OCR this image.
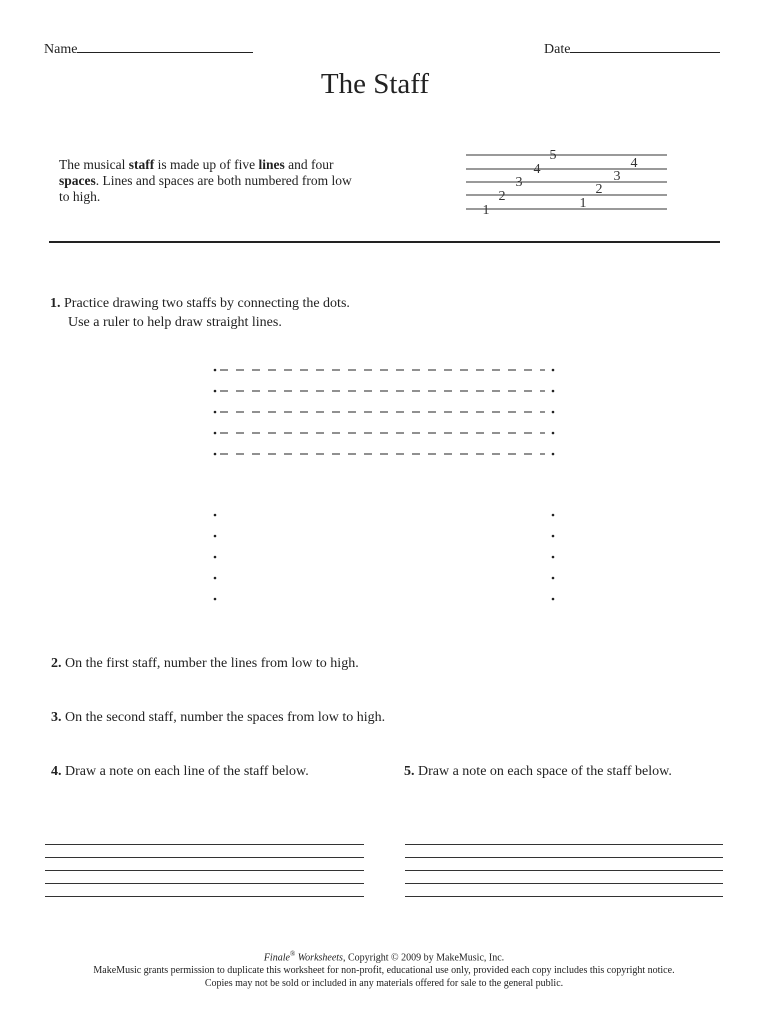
Name	Date
The Staff
The musical staff is made up of five lines and four spaces. Lines and spaces are both numbered from low to high.
1
2
3
4
5
1
2
3
4
1. Practice drawing two staffs by connecting the dots.
Use a ruler to help draw straight lines.
2. On the first staff, number the lines from low to high.
3. On the second staff, number the spaces from low to high.
4. Draw a note on each line of the staff below.	5. Draw a note on each space of the staff below.
Finale® Worksheets, Copyright © 2009 by MakeMusic, Inc.
MakeMusic grants permission to duplicate this worksheet for non-profit, educational use only, provided each copy includes this copyright notice.
Copies may not be sold or included in any materials offered for sale to the general public.
